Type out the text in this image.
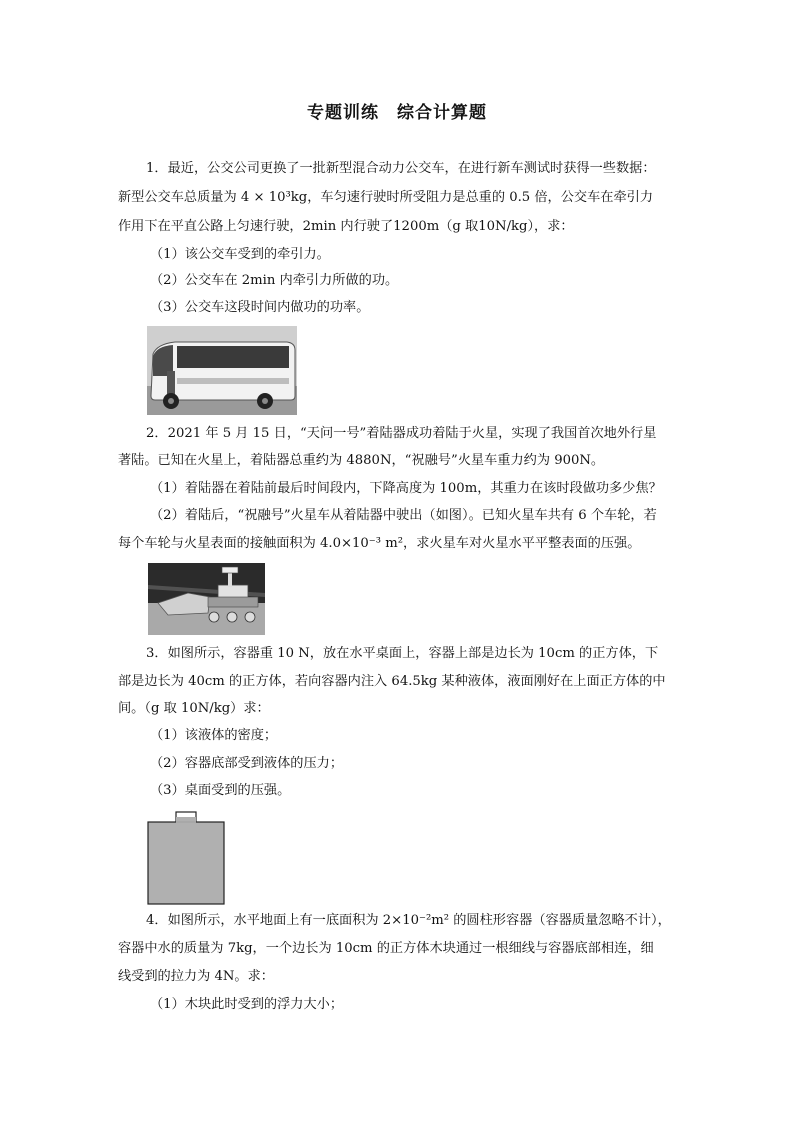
专题训练　综合计算题
1．最近，公交公司更换了一批新型混合动力公交车，在进行新车测试时获得一些数据：
新型公交车总质量为 4 × 10³kg，车匀速行驶时所受阻力是总重的 0.5 倍，公交车在牵引力
作用下在平直公路上匀速行驶，2min 内行驶了1200m（g 取10N/kg），求：
（1）该公交车受到的牵引力。
（2）公交车在 2min 内牵引力所做的功。
（3）公交车这段时间内做功的功率。
2．2021 年 5 月 15 日，“天问一号”着陆器成功着陆于火星，实现了我国首次地外行星
著陆。已知在火星上，着陆器总重约为 4880N，“祝融号”火星车重力约为 900N。
（1）着陆器在着陆前最后时间段内，下降高度为 100m，其重力在该时段做功多少焦？
（2）着陆后，“祝融号”火星车从着陆器中驶出（如图）。已知火星车共有 6 个车轮，若
每个车轮与火星表面的接触面积为 4.0×10⁻³ m²，求火星车对火星水平平整表面的压强。
3．如图所示，容器重 10 N，放在水平桌面上，容器上部是边长为 10cm 的正方体，下
部是边长为 40cm 的正方体，若向容器内注入 64.5kg 某种液体，液面刚好在上面正方体的中
间。（g 取 10N/kg）求：
（1）该液体的密度；
（2）容器底部受到液体的压力；
（3）桌面受到的压强。
4．如图所示，水平地面上有一底面积为 2×10⁻²m² 的圆柱形容器（容器质量忽略不计），
容器中水的质量为 7kg，一个边长为 10cm 的正方体木块通过一根细线与容器底部相连，细
线受到的拉力为 4N。求：
（1）木块此时受到的浮力大小；
